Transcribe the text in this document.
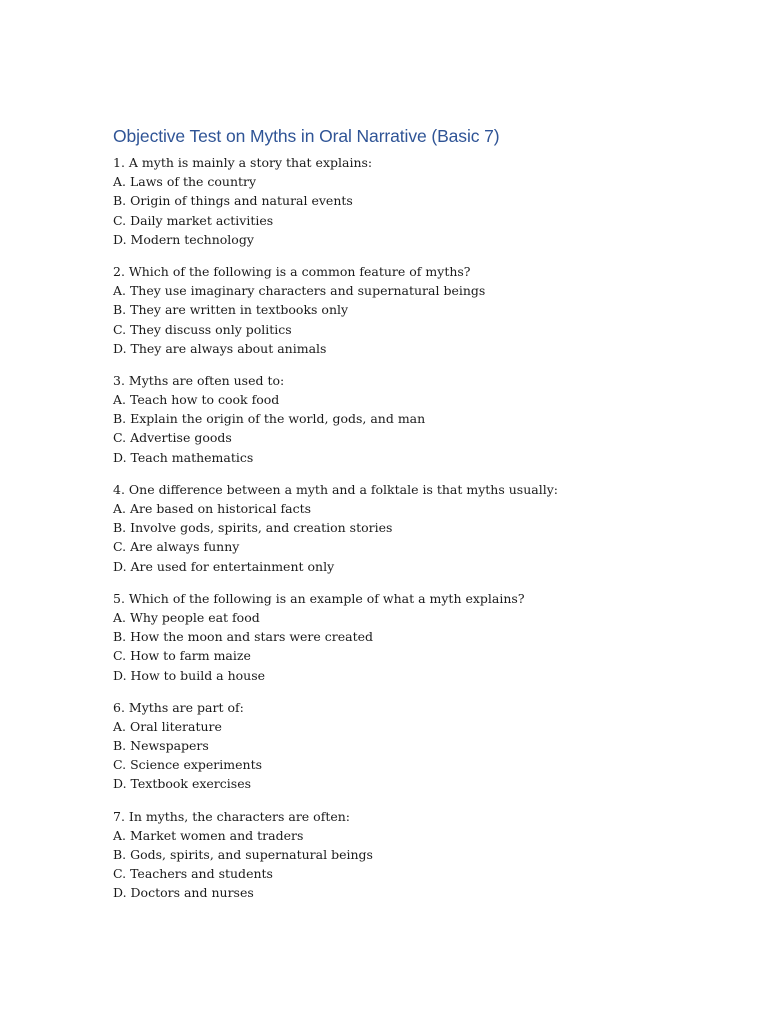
Objective Test on Myths in Oral Narrative (Basic 7)
1. A myth is mainly a story that explains:
A. Laws of the country
B. Origin of things and natural events
C. Daily market activities
D. Modern technology
2. Which of the following is a common feature of myths?
A. They use imaginary characters and supernatural beings
B. They are written in textbooks only
C. They discuss only politics
D. They are always about animals
3. Myths are often used to:
A. Teach how to cook food
B. Explain the origin of the world, gods, and man
C. Advertise goods
D. Teach mathematics
4. One difference between a myth and a folktale is that myths usually:
A. Are based on historical facts
B. Involve gods, spirits, and creation stories
C. Are always funny
D. Are used for entertainment only
5. Which of the following is an example of what a myth explains?
A. Why people eat food
B. How the moon and stars were created
C. How to farm maize
D. How to build a house
6. Myths are part of:
A. Oral literature
B. Newspapers
C. Science experiments
D. Textbook exercises
7. In myths, the characters are often:
A. Market women and traders
B. Gods, spirits, and supernatural beings
C. Teachers and students
D. Doctors and nurses
